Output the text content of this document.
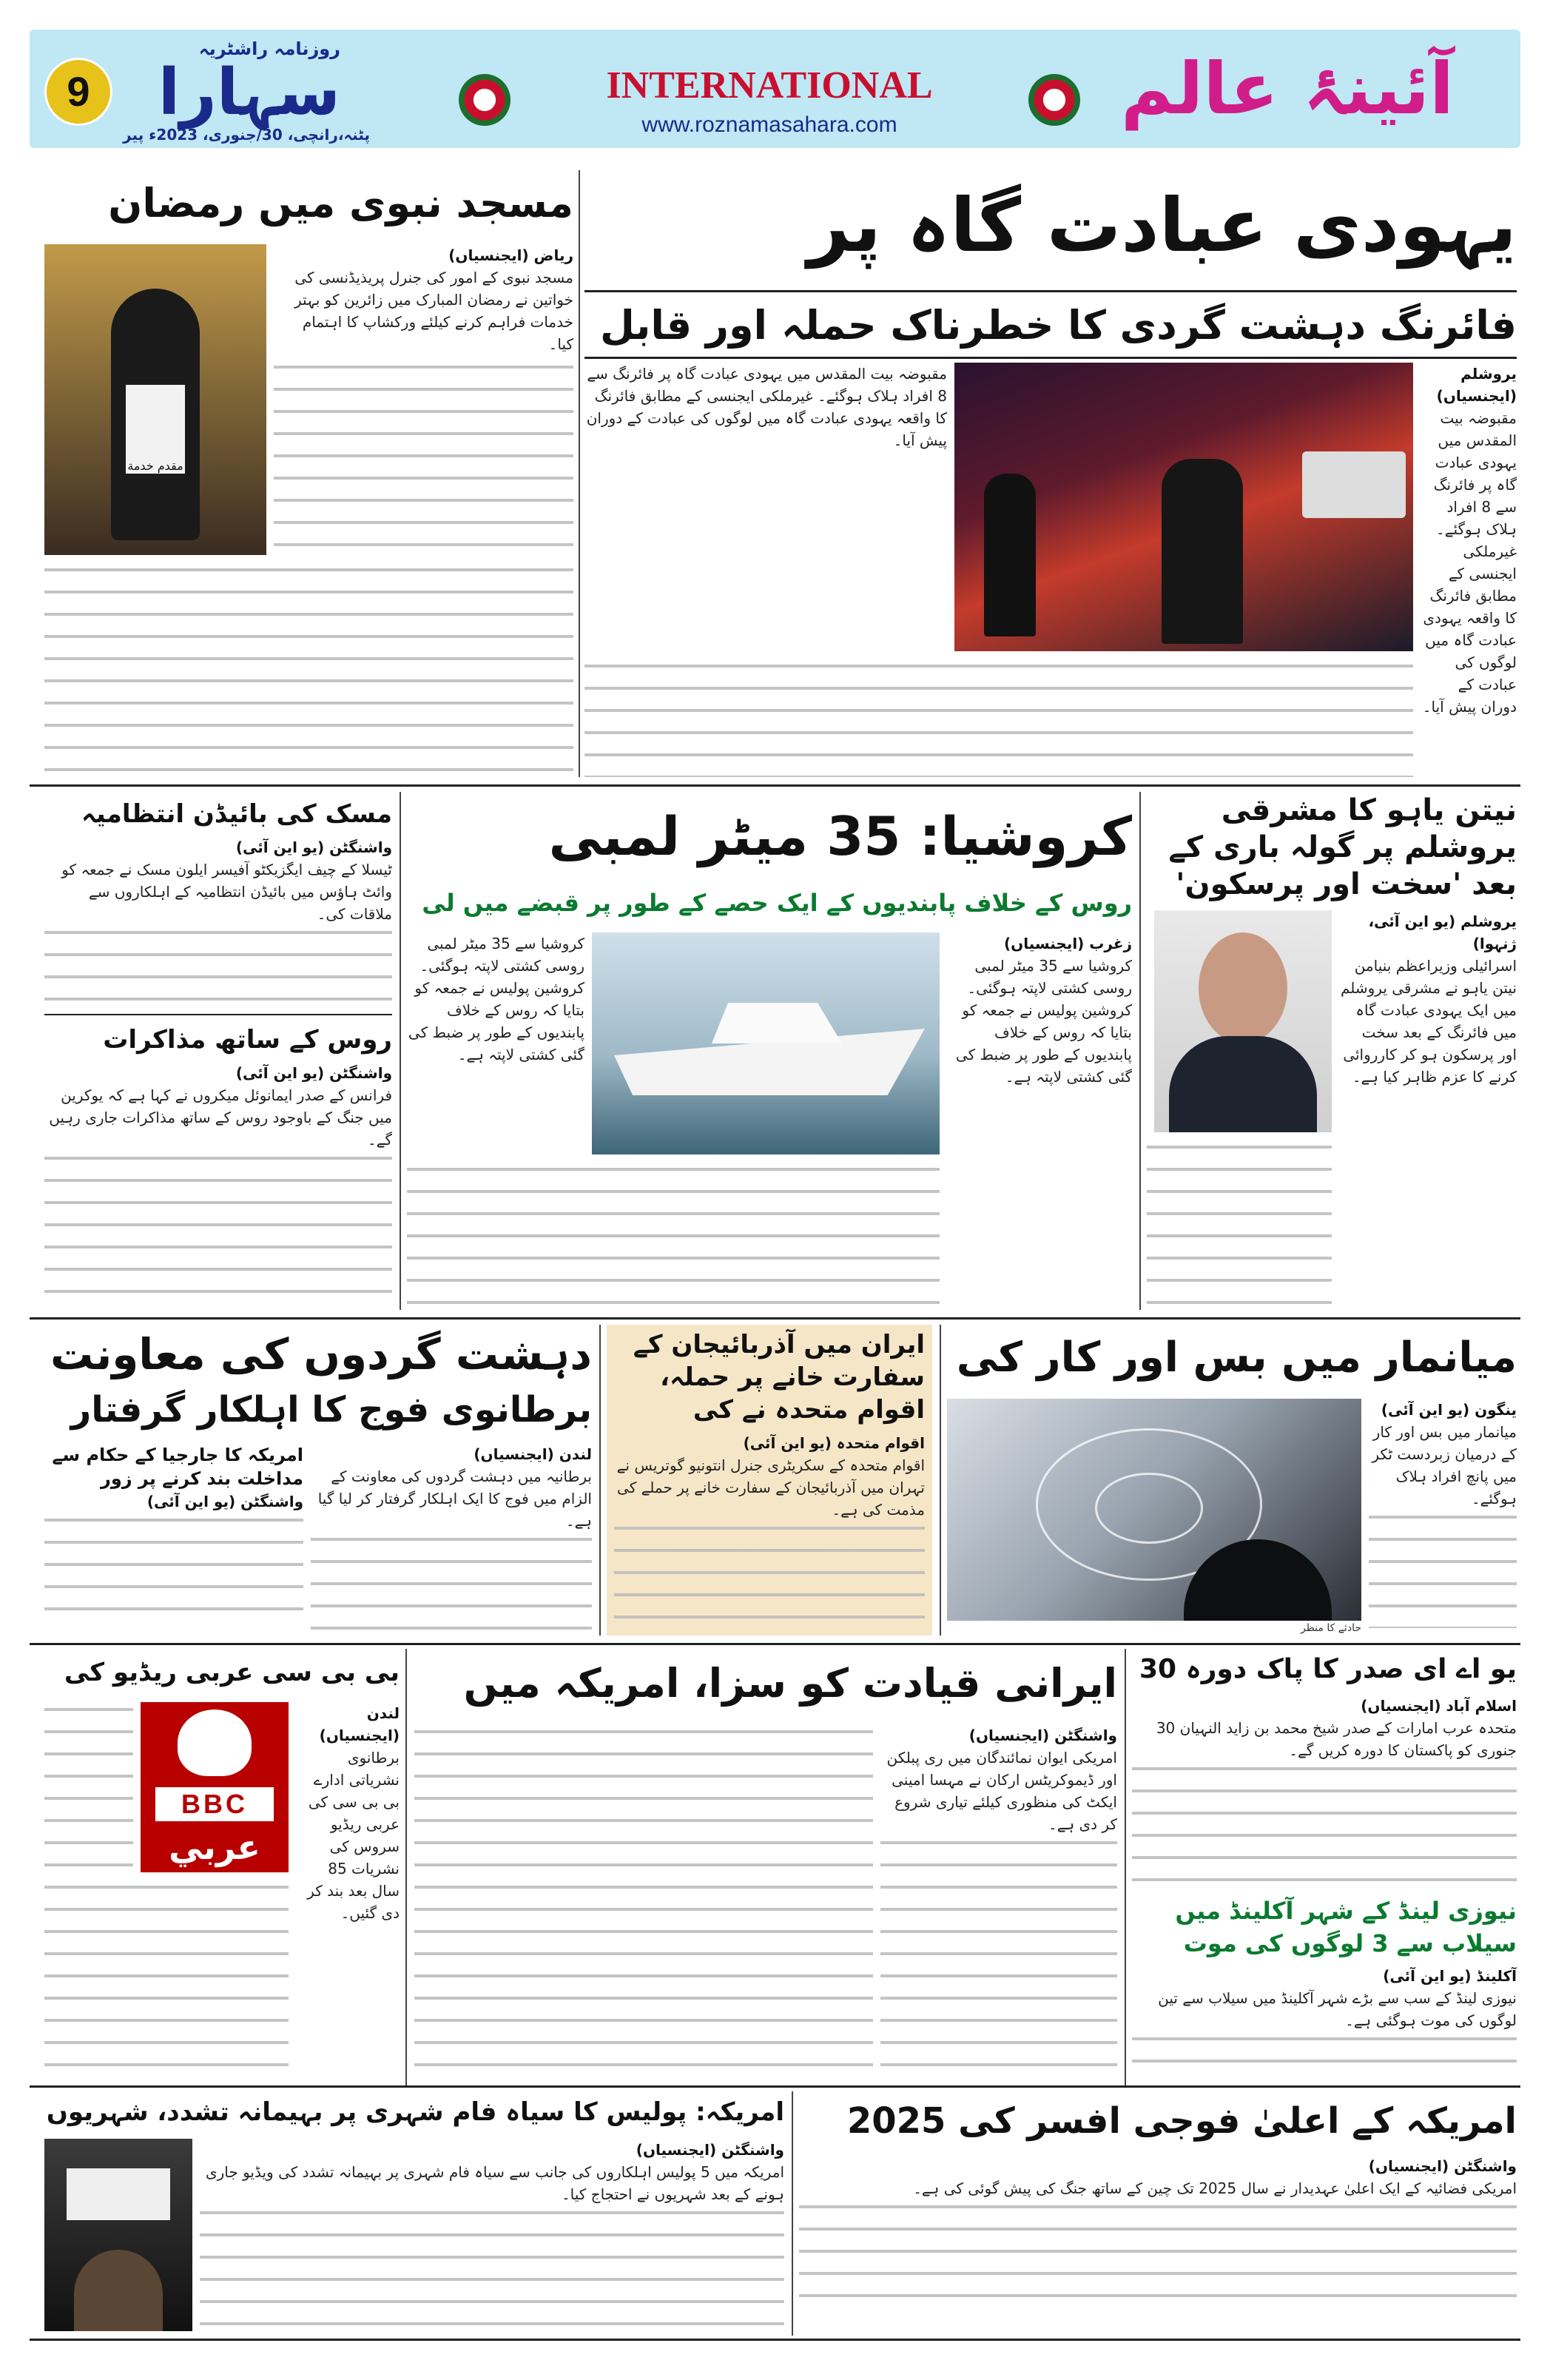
9
روزنامہ راشٹریہ
سہارا
پٹنہ،رانچی، 30/جنوری، 2023ء پیر
INTERNATIONAL
www.roznamasahara.com	آئینۂ عالم
یہودی عبادت گاہ پر
فائرنگ دہشت گردی کا خطرناک حملہ اور قابل
یروشلم (ایجنسیاں)
مقبوضہ بیت المقدس میں یہودی عبادت گاہ پر فائرنگ سے 8 افراد ہلاک ہوگئے۔ غیرملکی ایجنسی کے مطابق فائرنگ کا واقعہ یہودی عبادت گاہ میں لوگوں کی عبادت کے دوران پیش آیا۔
مقبوضہ بیت المقدس میں یہودی عبادت گاہ پر فائرنگ سے 8 افراد ہلاک ہوگئے۔ غیرملکی ایجنسی کے مطابق فائرنگ کا واقعہ یہودی عبادت گاہ میں لوگوں کی عبادت کے دوران پیش آیا۔
مسجد نبوی میں رمضان
مقدم خدمة
ریاض (ایجنسیاں)
مسجد نبوی کے امور کی جنرل پریذیڈنسی کی خواتین نے رمضان المبارک میں زائرین کو بہتر خدمات فراہم کرنے کیلئے ورکشاپ کا اہتمام کیا۔
نیتن یاہو کا مشرقی یروشلم پر گولہ باری کے بعد 'سخت اور پرسکون'
یروشلم (یو این آئی، ژنہوا)
اسرائیلی وزیراعظم بنیامن نیتن یاہو نے مشرقی یروشلم میں ایک یہودی عبادت گاہ میں فائرنگ کے بعد سخت اور پرسکون ہو کر کارروائی کرنے کا عزم ظاہر کیا ہے۔
کروشیا: 35 میٹر لمبی
روس کے خلاف پابندیوں کے ایک حصے کے طور پر قبضے میں لی
زغرب (ایجنسیاں)
کروشیا سے 35 میٹر لمبی روسی کشتی لاپتہ ہوگئی۔ کروشین پولیس نے جمعہ کو بتایا کہ روس کے خلاف پابندیوں کے طور پر ضبط کی گئی کشتی لاپتہ ہے۔
کروشیا سے 35 میٹر لمبی روسی کشتی لاپتہ ہوگئی۔ کروشین پولیس نے جمعہ کو بتایا کہ روس کے خلاف پابندیوں کے طور پر ضبط کی گئی کشتی لاپتہ ہے۔
مسک کی بائیڈن انتظامیہ
واشنگٹن (یو این آئی)
ٹیسلا کے چیف ایگزیکٹو آفیسر ایلون مسک نے جمعہ کو وائٹ ہاؤس میں بائیڈن انتظامیہ کے اہلکاروں سے ملاقات کی۔
روس کے ساتھ مذاکرات
واشنگٹن (یو این آئی)
فرانس کے صدر ایمانوئل میکروں نے کہا ہے کہ یوکرین میں جنگ کے باوجود روس کے ساتھ مذاکرات جاری رہیں گے۔
دہشت گردوں کی معاونت
برطانوی فوج کا اہلکار گرفتار
لندن (ایجنسیاں)
برطانیہ میں دہشت گردوں کی معاونت کے الزام میں فوج کا ایک اہلکار گرفتار کر لیا گیا ہے۔
امریکہ کا جارجیا کے حکام سے مداخلت بند کرنے پر زور
واشنگٹن (یو این آئی)
ایران میں آذربائیجان کے سفارت خانے پر حملہ، اقوام متحدہ نے کی
اقوام متحدہ (یو این آئی)
اقوام متحدہ کے سکریٹری جنرل انتونیو گوتریس نے تہران میں آذربائیجان کے سفارت خانے پر حملے کی مذمت کی ہے۔
میانمار میں بس اور کار کی
حادثے کا منظر
ینگون (یو این آئی)
میانمار میں بس اور کار کے درمیان زبردست ٹکر میں پانچ افراد ہلاک ہوگئے۔
یو اے ای صدر کا پاک دورہ 30
اسلام آباد (ایجنسیاں)
متحدہ عرب امارات کے صدر شیخ محمد بن زاید النہیان 30 جنوری کو پاکستان کا دورہ کریں گے۔
نیوزی لینڈ کے شہر آکلینڈ میں سیلاب سے 3 لوگوں کی موت
آکلینڈ (یو این آئی)
نیوزی لینڈ کے سب سے بڑے شہر آکلینڈ میں سیلاب سے تین لوگوں کی موت ہوگئی ہے۔
ایرانی قیادت کو سزا، امریکہ میں
واشنگٹن (ایجنسیاں)
امریکی ایوان نمائندگان میں ری پبلکن اور ڈیموکریٹس ارکان نے مہسا امینی ایکٹ کی منظوری کیلئے تیاری شروع کر دی ہے۔
بی بی سی عربی ریڈیو کی
BBC
عربي
لندن (ایجنسیاں)
برطانوی نشریاتی ادارے بی بی سی کی عربی ریڈیو سروس کی نشریات 85 سال بعد بند کر دی گئیں۔
امریکہ: پولیس کا سیاہ فام شہری پر بہیمانہ تشدد، شہریوں
واشنگٹن (ایجنسیاں)
امریکہ میں 5 پولیس اہلکاروں کی جانب سے سیاہ فام شہری پر بہیمانہ تشدد کی ویڈیو جاری ہونے کے بعد شہریوں نے احتجاج کیا۔
امریکہ کے اعلیٰ فوجی افسر کی 2025
واشنگٹن (ایجنسیاں)
امریکی فضائیہ کے ایک اعلیٰ عہدیدار نے سال 2025 تک چین کے ساتھ جنگ کی پیش گوئی کی ہے۔
